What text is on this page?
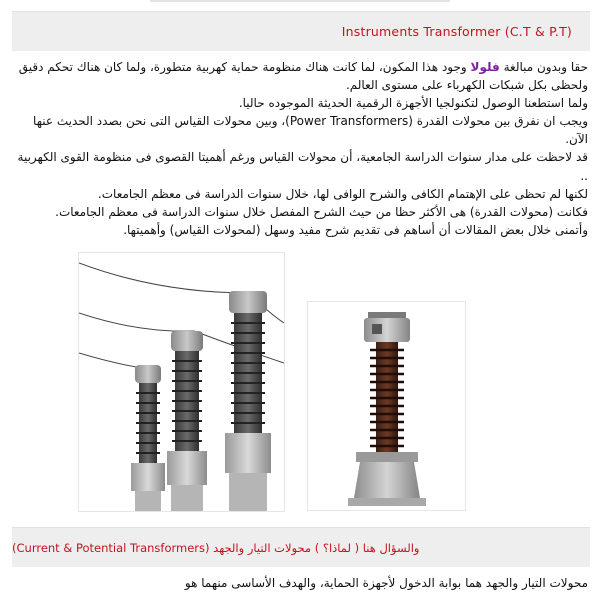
Instruments Transformer (C.T & P.T)

حقا وبدون مبالغة فلولا وجود هذا المكون، لما كانت هناك منظومة حماية كهربية متطورة، ولما كان هناك تحكم دقيق ولحظى بكل شبكات الكهرباء على مستوى العالم.

ولما استطعنا الوصول لتكنولجيا الأجهزة الرقمية الحديثة الموجوده حاليا.

ويجب ان نفرق بين محولات القدرة (Power Transformers)، وبين محولات القياس التى نحن بصدد الحديث عنها الآن.

قد لاحظت على مدار سنوات الدراسة الجامعية، أن محولات القياس ورغم أهميتا القصوى فى منظومة القوى الكهربية ..

لكنها لم تحظى على الإهتمام الكافى والشرح الوافى لها، خلال سنوات الدراسة فى معظم الجامعات.

فكانت (محولات القدرة) هى الأكثر حظا من حيث الشرح المفصل خلال سنوات الدراسة فى معظم الجامعات.

وأتمنى خلال بعض المقالات أن أساهم فى تقديم شرح مفيد وسهل (لمحولات القياس) وأهميتها.

والسؤال هنا ( لماذا؟ ) محولات التيار والجهد (Current & Potential Transformers)
محولات التيار والجهد هما بوابة الدخول لأجهزة الحماية، والهدف الأساسى منهما هو
